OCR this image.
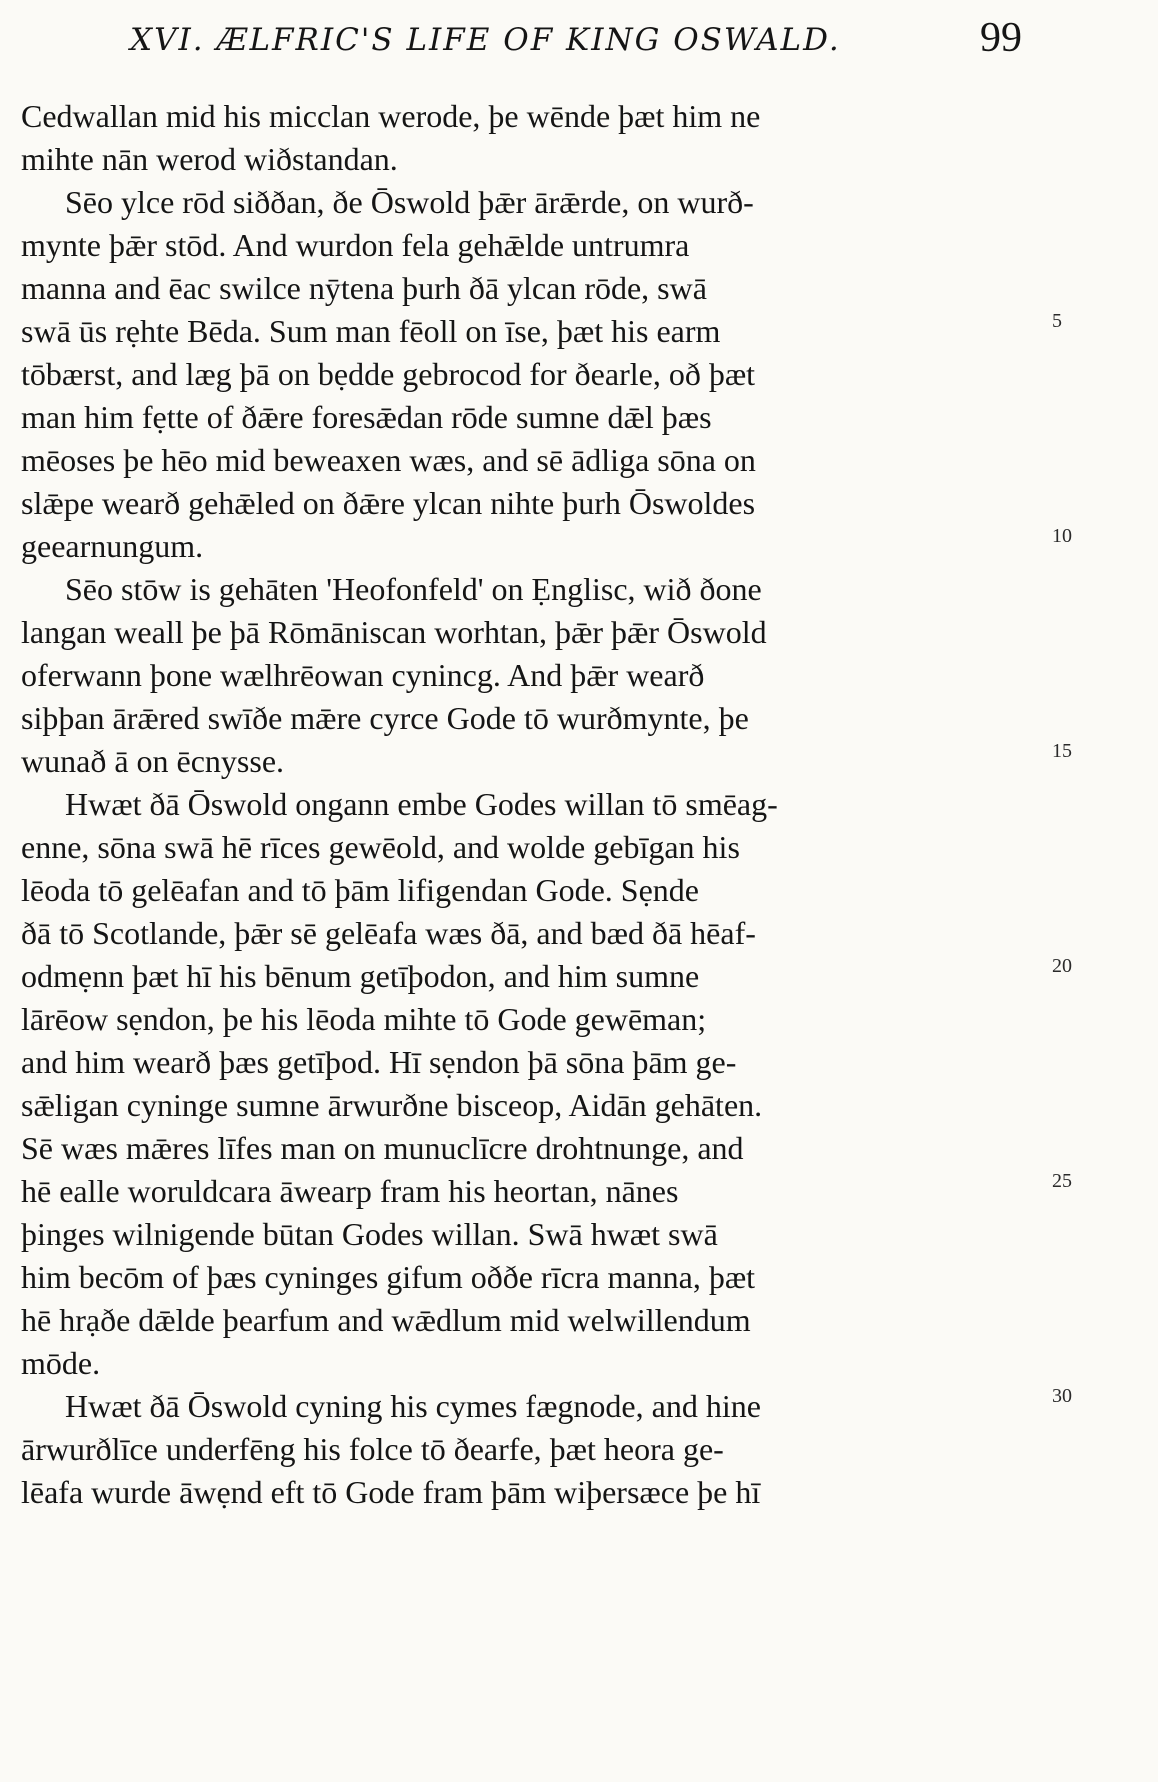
XVI. ÆLFRIC'S LIFE OF KING OSWALD.	99
Cedwallan mid his micclan werode, þe wēnde þæt him ne
mihte nān werod wiðstandan.
Sēo ylce rōd siððan, ðe Ōswold þǣr ārǣrde, on wurð-
mynte þǣr stōd. And wurdon fela gehǣlde untrumra
manna and ēac swilce nӯtena þurh ðā ylcan rōde, swā
swā ūs rẹhte Bēda. Sum man fēoll on īse, þæt his earm
tōbærst, and læg þā on bẹdde gebrocod for ðearle, oð þæt
man him fẹtte of ðǣre foresǣdan rōde sumne dǣl þæs
mēoses þe hēo mid beweaxen wæs, and sē ādliga sōna on
slǣpe wearð gehǣled on ðǣre ylcan nihte þurh Ōswoldes
geearnungum.
Sēo stōw is gehāten 'Heofonfeld' on Ẹnglisc, wið ðone
langan weall þe þā Rōmāniscan worhtan, þǣr þǣr Ōswold
oferwann þone wælhrēowan cynincg. And þǣr wearð
siþþan ārǣred swīðe mǣre cyrce Gode tō wurðmynte, þe
wunað ā on ēcnysse.
Hwæt ðā Ōswold ongann embe Godes willan tō smēag-
enne, sōna swā hē rīces gewēold, and wolde gebīgan his
lēoda tō gelēafan and tō þām lifigendan Gode. Sẹnde
ðā tō Scotlande, þǣr sē gelēafa wæs ðā, and bæd ðā hēaf-
odmẹnn þæt hī his bēnum getīþodon, and him sumne
lārēow sẹndon, þe his lēoda mihte tō Gode gewēman;
and him wearð þæs getīþod. Hī sẹndon þā sōna þām ge-
sǣligan cyninge sumne ārwurðne bisceop, Aidān gehāten.
Sē wæs mǣres līfes man on munuclīcre drohtnunge, and
hē ealle woruldcara āwearp fram his heortan, nānes
þinges wilnigende būtan Godes willan. Swā hwæt swā
him becōm of þæs cyninges gifum oððe rīcra manna, þæt
hē hrạðe dǣlde þearfum and wǣdlum mid welwillendum
mōde.
Hwæt ðā Ōswold cyning his cymes fægnode, and hine
ārwurðlīce underfēng his folce tō ðearfe, þæt heora ge-
lēafa wurde āwẹnd eft tō Gode fram þām wiþersæce þe hī
5
10
15
20
25
30
